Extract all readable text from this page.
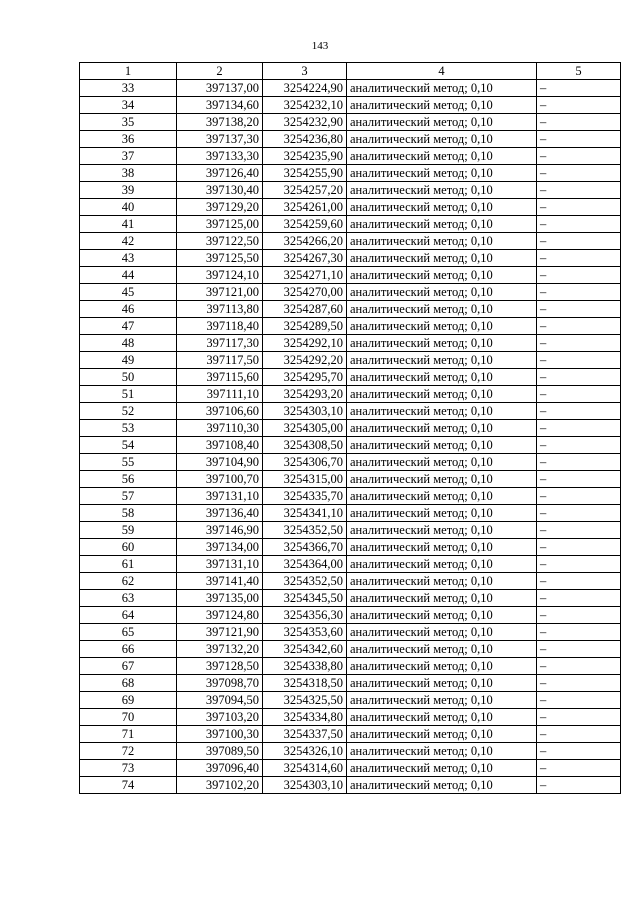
143
1	2	3	4	5
33	397137,00	3254224,90	аналитический метод; 0,10	–
34	397134,60	3254232,10	аналитический метод; 0,10	–
35	397138,20	3254232,90	аналитический метод; 0,10	–
36	397137,30	3254236,80	аналитический метод; 0,10	–
37	397133,30	3254235,90	аналитический метод; 0,10	–
38	397126,40	3254255,90	аналитический метод; 0,10	–
39	397130,40	3254257,20	аналитический метод; 0,10	–
40	397129,20	3254261,00	аналитический метод; 0,10	–
41	397125,00	3254259,60	аналитический метод; 0,10	–
42	397122,50	3254266,20	аналитический метод; 0,10	–
43	397125,50	3254267,30	аналитический метод; 0,10	–
44	397124,10	3254271,10	аналитический метод; 0,10	–
45	397121,00	3254270,00	аналитический метод; 0,10	–
46	397113,80	3254287,60	аналитический метод; 0,10	–
47	397118,40	3254289,50	аналитический метод; 0,10	–
48	397117,30	3254292,10	аналитический метод; 0,10	–
49	397117,50	3254292,20	аналитический метод; 0,10	–
50	397115,60	3254295,70	аналитический метод; 0,10	–
51	397111,10	3254293,20	аналитический метод; 0,10	–
52	397106,60	3254303,10	аналитический метод; 0,10	–
53	397110,30	3254305,00	аналитический метод; 0,10	–
54	397108,40	3254308,50	аналитический метод; 0,10	–
55	397104,90	3254306,70	аналитический метод; 0,10	–
56	397100,70	3254315,00	аналитический метод; 0,10	–
57	397131,10	3254335,70	аналитический метод; 0,10	–
58	397136,40	3254341,10	аналитический метод; 0,10	–
59	397146,90	3254352,50	аналитический метод; 0,10	–
60	397134,00	3254366,70	аналитический метод; 0,10	–
61	397131,10	3254364,00	аналитический метод; 0,10	–
62	397141,40	3254352,50	аналитический метод; 0,10	–
63	397135,00	3254345,50	аналитический метод; 0,10	–
64	397124,80	3254356,30	аналитический метод; 0,10	–
65	397121,90	3254353,60	аналитический метод; 0,10	–
66	397132,20	3254342,60	аналитический метод; 0,10	–
67	397128,50	3254338,80	аналитический метод; 0,10	–
68	397098,70	3254318,50	аналитический метод; 0,10	–
69	397094,50	3254325,50	аналитический метод; 0,10	–
70	397103,20	3254334,80	аналитический метод; 0,10	–
71	397100,30	3254337,50	аналитический метод; 0,10	–
72	397089,50	3254326,10	аналитический метод; 0,10	–
73	397096,40	3254314,60	аналитический метод; 0,10	–
74	397102,20	3254303,10	аналитический метод; 0,10	–
